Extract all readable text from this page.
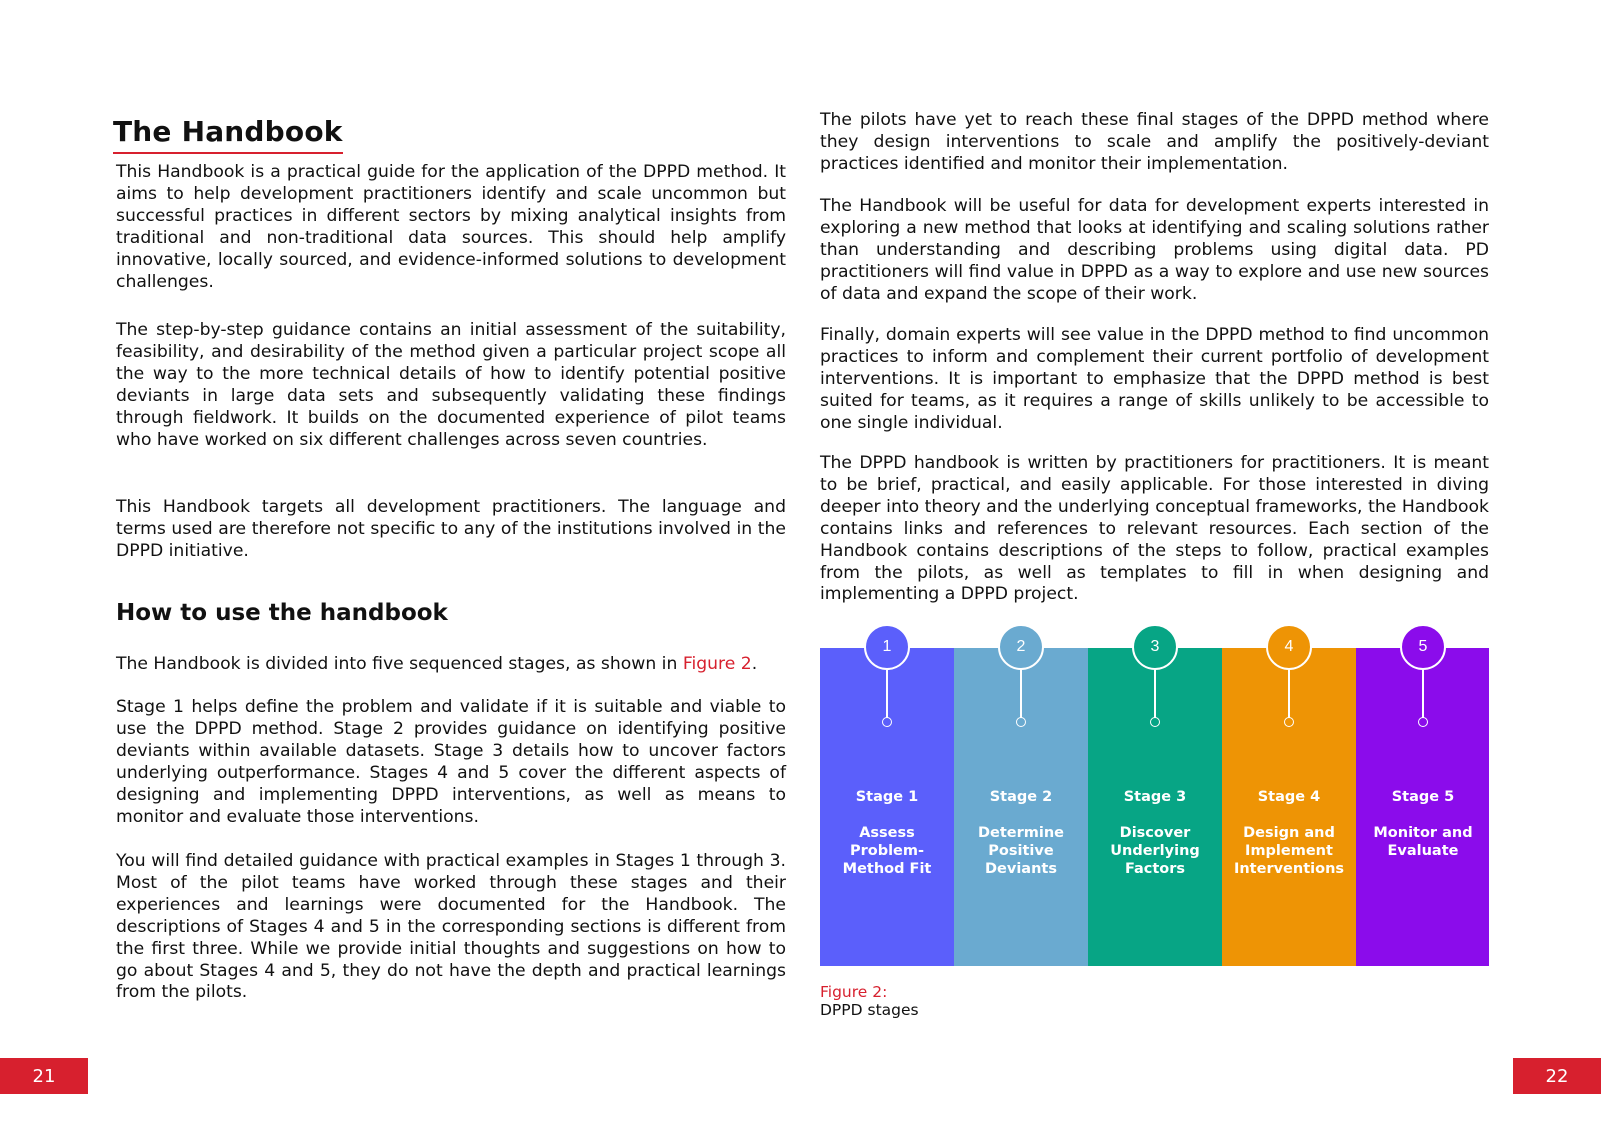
The Handbook

This Handbook is a practical guide for the application of the DPPD method. It aims to help development practitioners identify and scale uncommon but successful practices in different sectors by mixing analytical insights from traditional and non-traditional data sources. This should help amplify innovative, locally sourced, and evidence-informed solutions to development challenges.

The step-by-step guidance contains an initial assessment of the suitability, feasibility, and desirability of the method given a particular project scope all the way to the more technical details of how to identify potential positive deviants in large data sets and subsequently validating these findings through fieldwork. It builds on the documented experience of pilot teams who have worked on six different challenges across seven countries.

This Handbook targets all development practitioners. The language and terms used are therefore not specific to any of the institutions involved in the DPPD initiative.

How to use the handbook

The Handbook is divided into five sequenced stages, as shown in Figure 2.

Stage 1 helps define the problem and validate if it is suitable and viable to use the DPPD method. Stage 2 provides guidance on identifying positive deviants within available datasets. Stage 3 details how to uncover factors underlying outperformance. Stages 4 and 5 cover the different aspects of designing and implementing DPPD interventions, as well as means to monitor and evaluate those interventions.

You will find detailed guidance with practical examples in Stages 1 through 3. Most of the pilot teams have worked through these stages and their experiences and learnings were documented for the Handbook. The descriptions of Stages 4 and 5 in the corresponding sections is different from the first three. While we provide initial thoughts and suggestions on how to go about Stages 4 and 5, they do not have the depth and practical learnings from the pilots.

The pilots have yet to reach these final stages of the DPPD method where they design interventions to scale and amplify the positively-deviant practices identified and monitor their implementation.

The Handbook will be useful for data for development experts interested in exploring a new method that looks at identifying and scaling solutions rather than understanding and describing problems using digital data. PD practitioners will find value in DPPD as a way to explore and use new sources of data and expand the scope of their work.

Finally, domain experts will see value in the DPPD method to find uncommon practices to inform and complement their current portfolio of development interventions. It is important to emphasize that the DPPD method is best suited for teams, as it requires a range of skills unlikely to be accessible to one single individual.

The DPPD handbook is written by practitioners for practitioners. It is meant to be brief, practical, and easily applicable. For those interested in diving deeper into theory and the underlying conceptual frameworks, the Handbook contains links and references to relevant resources. Each section of the Handbook contains descriptions of the steps to follow, practical examples from the pilots, as well as templates to fill in when designing and implementing a DPPD project.

1
Stage 1
Assess Problem-Method Fit
2
Stage 2
Determine Positive Deviants
3
Stage 3
Discover Underlying Factors
4
Stage 4
Design and Implement Interventions
5
Stage 5
Monitor and Evaluate
Figure 2:
DPPD stages
21	22
